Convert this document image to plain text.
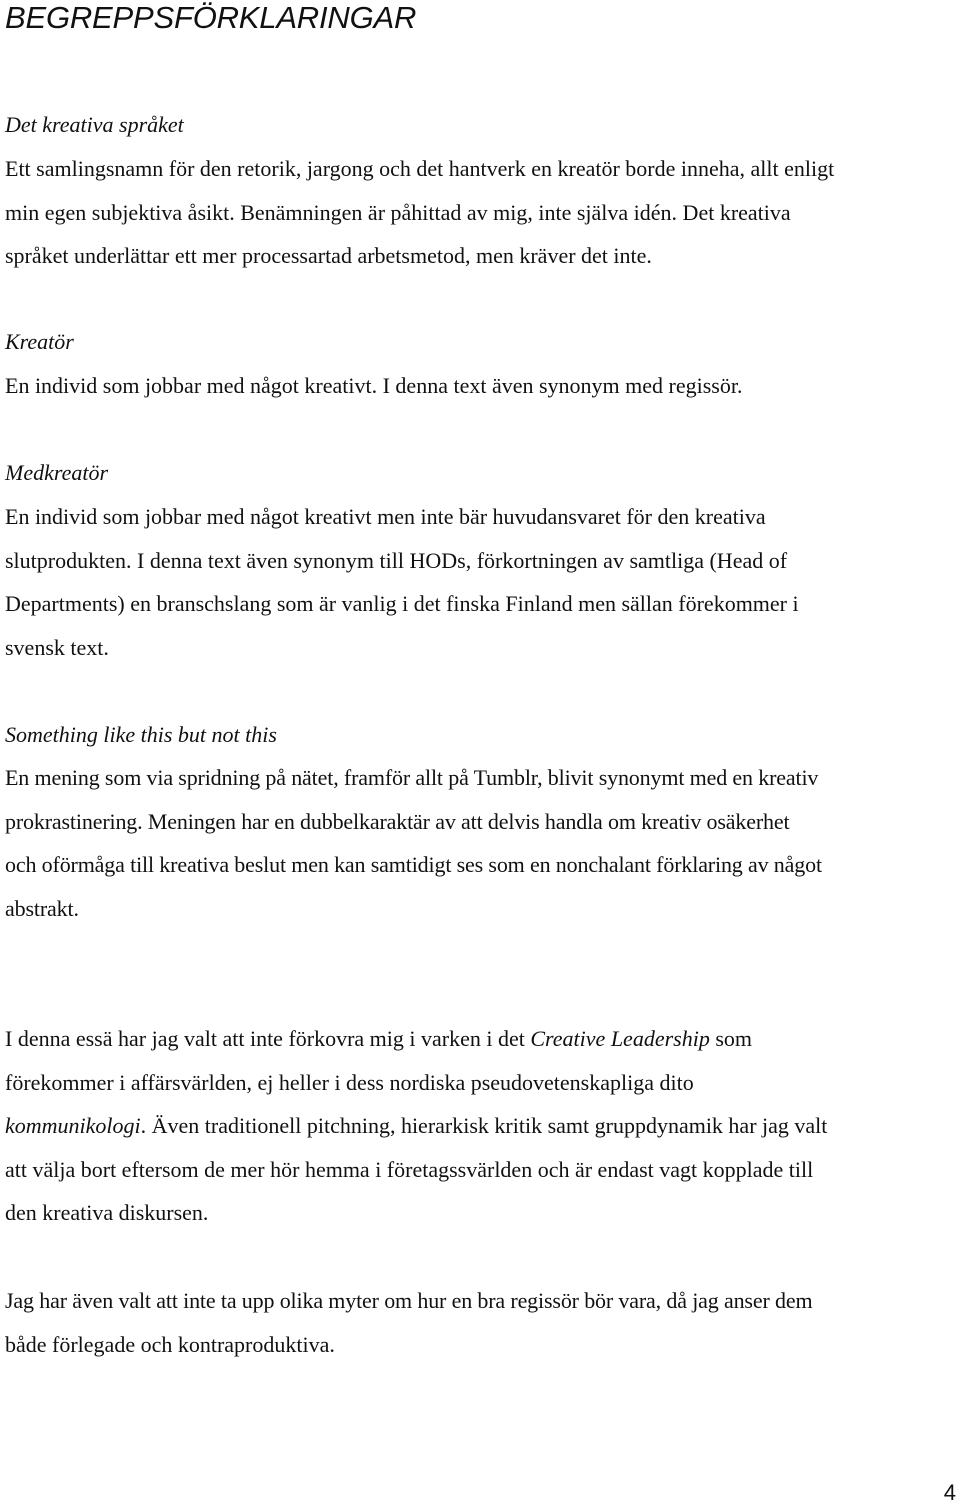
BEGREPPSFÖRKLARINGAR

Det kreativa språket

Ett samlingsnamn för den retorik, jargong och det hantverk en kreatör borde inneha, allt enligt
min egen subjektiva åsikt. Benämningen är påhittad av mig, inte själva idén. Det kreativa
språket underlättar ett mer processartad arbetsmetod, men kräver det inte.

Kreatör

En individ som jobbar med något kreativt. I denna text även synonym med regissör.

Medkreatör

En individ som jobbar med något kreativt men inte bär huvudansvaret för den kreativa
slutprodukten. I denna text även synonym till HODs, förkortningen av samtliga (Head of
Departments) en branschslang som är vanlig i det finska Finland men sällan förekommer i
svensk text.

Something like this but not this

En mening som via spridning på nätet, framför allt på Tumblr, blivit synonymt med en kreativ
prokrastinering. Meningen har en dubbelkaraktär av att delvis handla om kreativ osäkerhet
och oförmåga till kreativa beslut men kan samtidigt ses som en nonchalant förklaring av något
abstrakt.

I denna essä har jag valt att inte förkovra mig i varken i det Creative Leadership som
förekommer i affärsvärlden, ej heller i dess nordiska pseudovetenskapliga dito
kommunikologi. Även traditionell pitchning, hierarkisk kritik samt gruppdynamik har jag valt
att välja bort eftersom de mer hör hemma i företagssvärlden och är endast vagt kopplade till
den kreativa diskursen.

Jag har även valt att inte ta upp olika myter om hur en bra regissör bör vara, då jag anser dem
både förlegade och kontraproduktiva.

4
